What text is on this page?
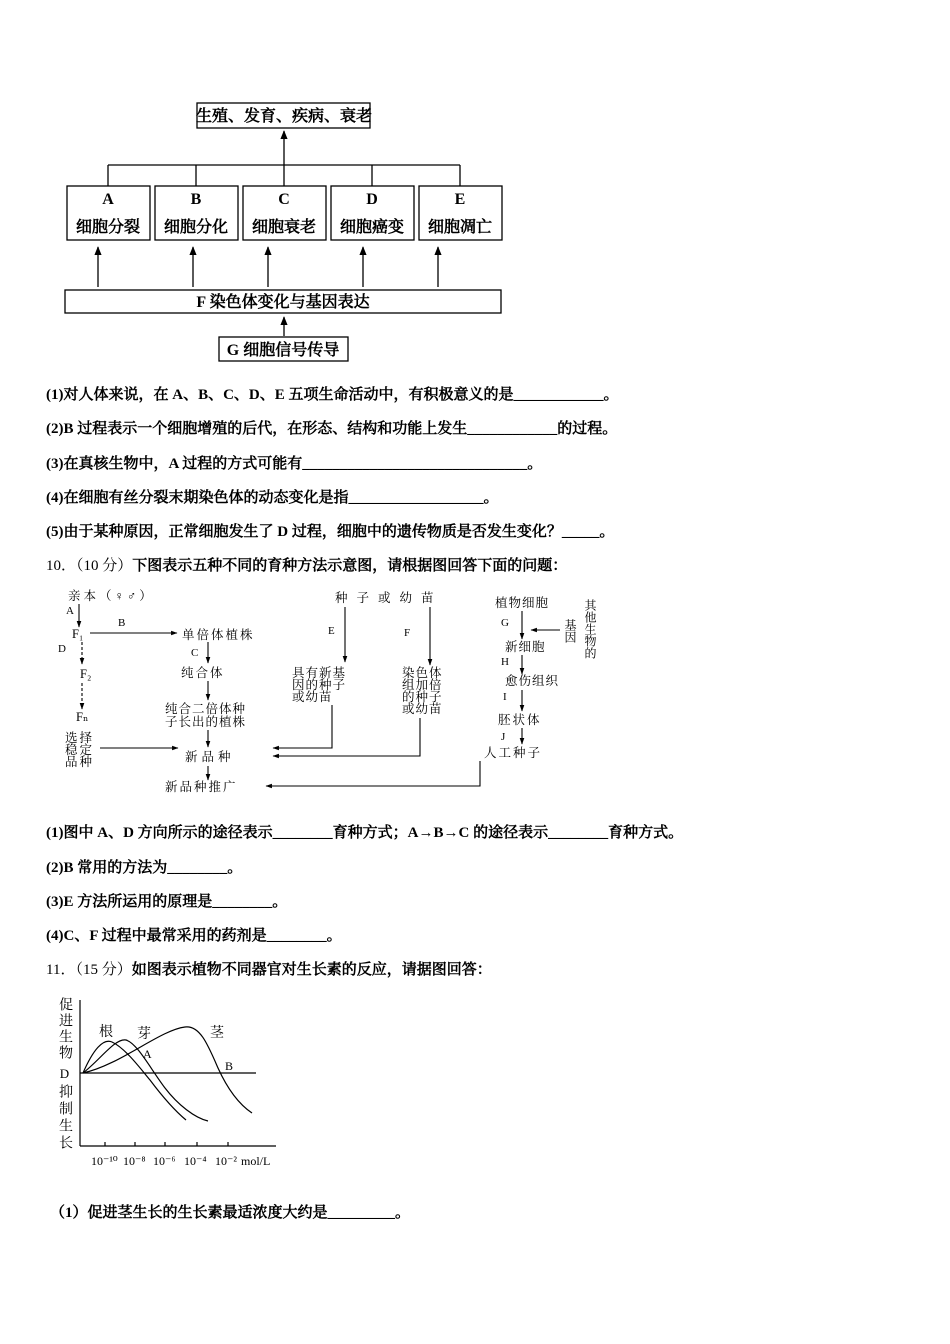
生殖、发育、疾病、衰老
A
细胞分裂
B
细胞分化
C
细胞衰老
D
细胞癌变
E
细胞凋亡
F 染色体变化与基因表达
G 细胞信号传导
亲本（♀♂）
A
F₁
B
单倍体植株
D	C
纯合体
F₂
纯合二倍体种
子长出的植株
Fₙ
选择
稳定
品种	新品种
新品种推广
种子或幼苗
E	F
具有新基
因的种子
或幼苗
染色体
组加倍
的种子
或幼苗
植物细胞
G
新细胞
H
愈伤组织
I
胚状体
J
人工种子
根 芽	茎
A
B
10⁻¹⁰ 10⁻⁸ 10⁻⁶ 10⁻⁴ 10⁻² mol/L
其他生物的
基因
促进生物
D
抑制生长
(1)对人体来说，在 A、B、C、D、E 五项生命活动中，有积极意义的是____________。
(2)B 过程表示一个细胞增殖的后代，在形态、结构和功能上发生____________的过程。
(3)在真核生物中，A 过程的方式可能有______________________________。
(4)在细胞有丝分裂末期染色体的动态变化是指__________________。
(5)由于某种原因，正常细胞发生了 D 过程，细胞中的遗传物质是否发生变化？_____。
10．（10 分）下图表示五种不同的育种方法示意图，请根据图回答下面的问题：
(1)图中 A、D 方向所示的途径表示________育种方式；A→B→C 的途径表示________育种方式。
(2)B 常用的方法为________。
(3)E 方法所运用的原理是________。
(4)C、F 过程中最常采用的药剂是________。
11．（15 分）如图表示植物不同器官对生长素的反应，请据图回答：
（1）促进茎生长的生长素最适浓度大约是_________。
